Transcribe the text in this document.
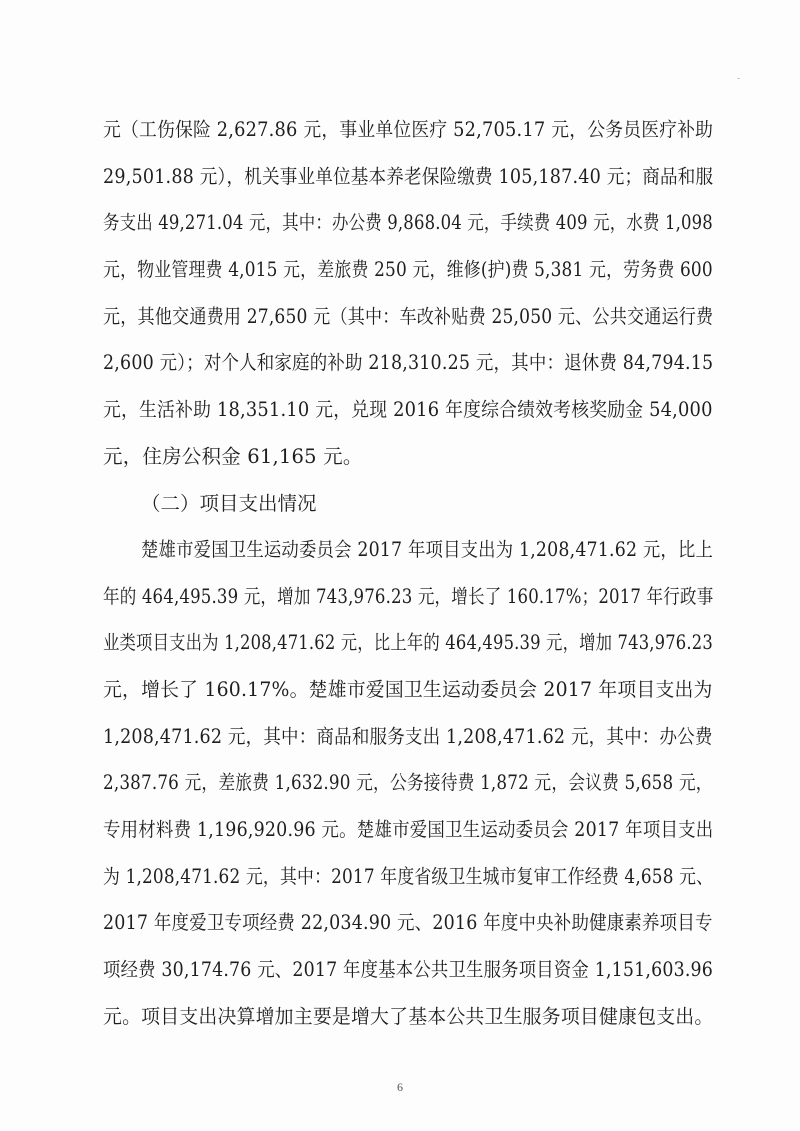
元（工伤保险 2,627.86 元，事业单位医疗 52,705.17 元，公务员医疗补助
29,501.88 元），机关事业单位基本养老保险缴费 105,187.40 元；商品和服
务支出 49,271.04 元，其中：办公费 9,868.04 元，手续费 409 元，水费 1,098
元，物业管理费 4,015 元，差旅费 250 元，维修(护)费 5,381 元，劳务费 600
元，其他交通费用 27,650 元（其中：车改补贴费 25,050 元、公共交通运行费
2,600 元）；对个人和家庭的补助 218,310.25 元，其中：退休费 84,794.15
元，生活补助 18,351.10 元，兑现 2016 年度综合绩效考核奖励金 54,000
元，住房公积金 61,165 元。
（二）项目支出情况
楚雄市爱国卫生运动委员会 2017 年项目支出为 1,208,471.62 元，比上
年的 464,495.39 元，增加 743,976.23 元，增长了 160.17%；2017 年行政事
业类项目支出为 1,208,471.62 元，比上年的 464,495.39 元，增加 743,976.23
元，增长了 160.17%。楚雄市爱国卫生运动委员会 2017 年项目支出为
1,208,471.62 元，其中：商品和服务支出 1,208,471.62 元，其中：办公费
2,387.76 元，差旅费 1,632.90 元，公务接待费 1,872 元，会议费 5,658 元，
专用材料费 1,196,920.96 元。楚雄市爱国卫生运动委员会 2017 年项目支出
为 1,208,471.62 元，其中：2017 年度省级卫生城市复审工作经费 4,658 元、
2017 年度爱卫专项经费 22,034.90 元、2016 年度中央补助健康素养项目专
项经费 30,174.76 元、2017 年度基本公共卫生服务项目资金 1,151,603.96
元。项目支出决算增加主要是增大了基本公共卫生服务项目健康包支出。
6
